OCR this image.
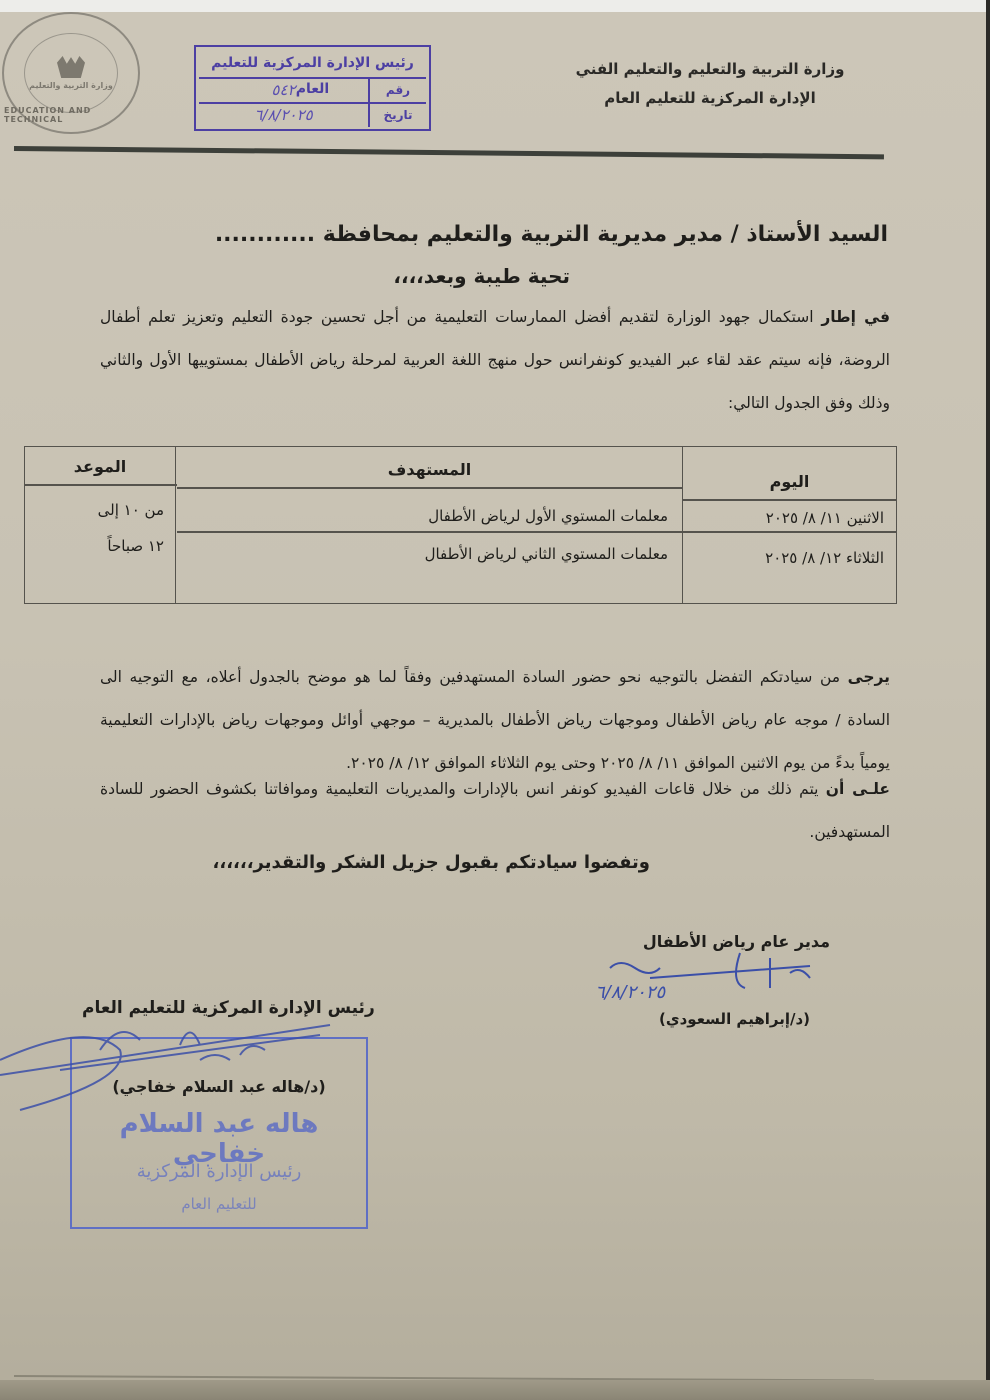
وزارة التربية والتعليم
EDUCATION AND TECHNICAL
رئيس الإدارة المركزية للتعليم العام	رقم
٥٤٢
تاريخ
٦/٨/٢٠٢٥
وزارة التربية والتعليم والتعليم الفني
الإدارة المركزية للتعليم العام
السيد الأستاذ / مدير مديرية التربية والتعليم بمحافظة ............
تحية طيبة وبعد،،،،
في إطار استكمال جهود الوزارة لتقديم أفضل الممارسات التعليمية من أجل تحسين جودة التعليم وتعزيز تعلم أطفال الروضة، فإنه سيتم عقد لقاء عبر الفيديو كونفرانس حول منهج اللغة العربية لمرحلة رياض الأطفال بمستوييها الأول والثاني وذلك وفق الجدول التالي:
الموعد	المستهدف
اليوم
الاثنين ١١/ ٨/ ٢٠٢٥
معلمات المستوي الأول لرياض الأطفال
الثلاثاء ١٢/ ٨/ ٢٠٢٥
معلمات المستوي الثاني لرياض الأطفال
من ١٠ إلى
١٢ صباحاً
يرجى من سيادتكم التفضل بالتوجيه نحو حضور السادة المستهدفين وفقاً لما هو موضح بالجدول أعلاه، مع التوجيه الى السادة / موجه عام رياض الأطفال وموجهات رياض الأطفال بالمديرية – موجهي أوائل وموجهات رياض بالإدارات التعليمية يومياً بدءً من يوم الاثنين الموافق ١١/ ٨/ ٢٠٢٥ وحتى يوم الثلاثاء الموافق ١٢/ ٨/ ٢٠٢٥.
علـى أن يتم ذلك من خلال قاعات الفيديو كونفر انس بالإدارات والمديريات التعليمية وموافاتنا بكشوف الحضور للسادة المستهدفين.
وتفضوا سيادتكم بقبول جزيل الشكر والتقدير،،،،،،
مدير عام رياض الأطفال
٦/٨/٢٠٢٥
(د/إبراهيم السعودي)
(د/هاله عبد السلام خفاجي)
هاله عبد السلام خفاجي
رئيس الإدارة المركزية
للتعليم العام
رئيس الإدارة المركزية للتعليم العام
